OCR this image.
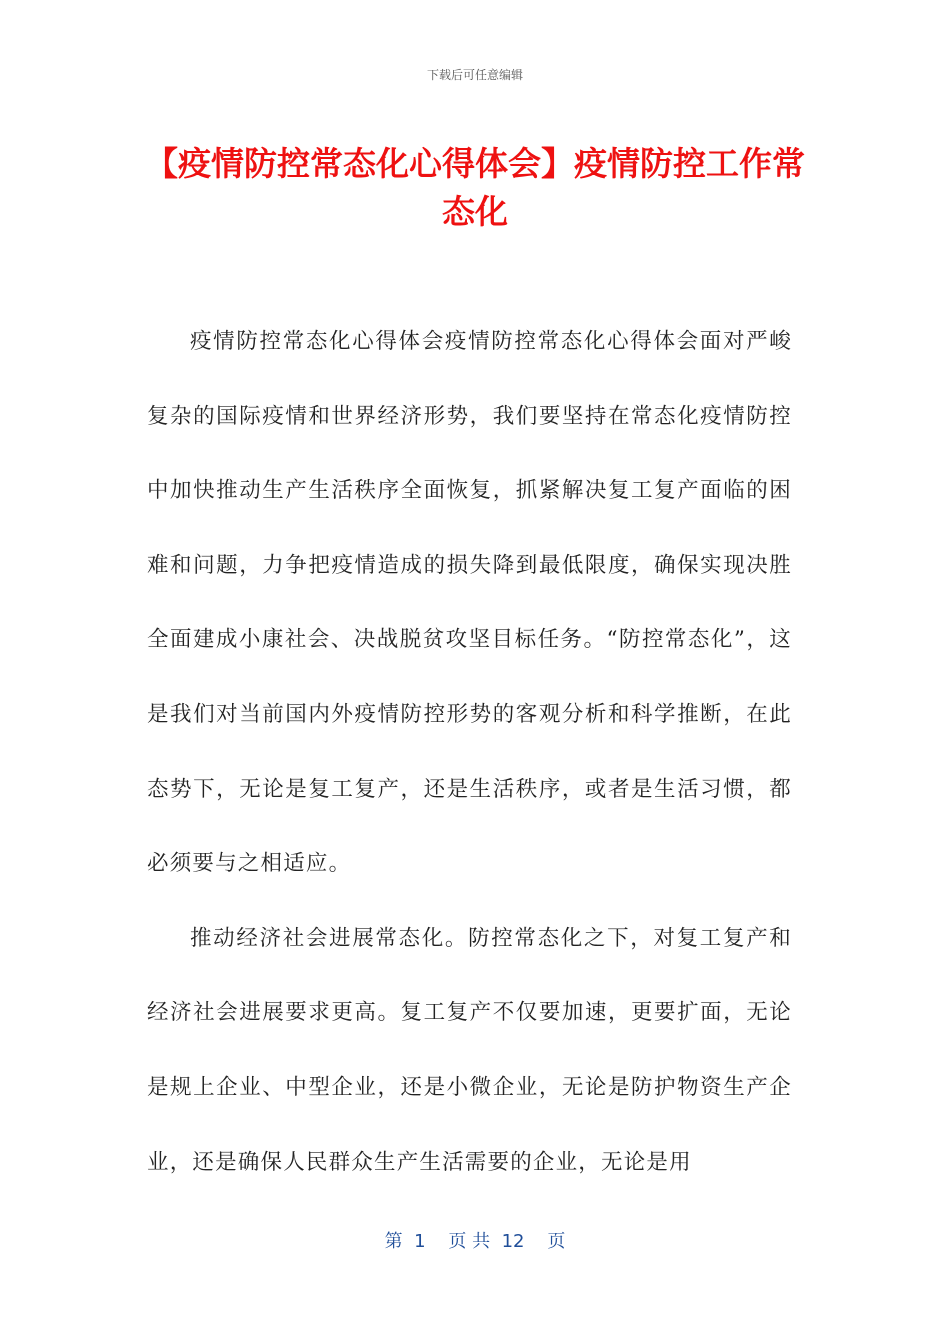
下载后可任意编辑
【疫情防控常态化心得体会】疫情防控工作常态化

疫情防控常态化心得体会疫情防控常态化心得体会面对严峻复杂的国际疫情和世界经济形势，我们要坚持在常态化疫情防控中加快推动生产生活秩序全面恢复，抓紧解决复工复产面临的困难和问题，力争把疫情造成的损失降到最低限度，确保实现决胜全面建成小康社会、决战脱贫攻坚目标任务。“防控常态化”，这是我们对当前国内外疫情防控形势的客观分析和科学推断，在此态势下，无论是复工复产，还是生活秩序，或者是生活习惯，都必须要与之相适应。

推动经济社会进展常态化。防控常态化之下，对复工复产和经济社会进展要求更高。复工复产不仅要加速，更要扩面，无论是规上企业、中型企业，还是小微企业，无论是防护物资生产企业，还是确保人民群众生产生活需要的企业，无论是用

第  1    页 共  12    页
